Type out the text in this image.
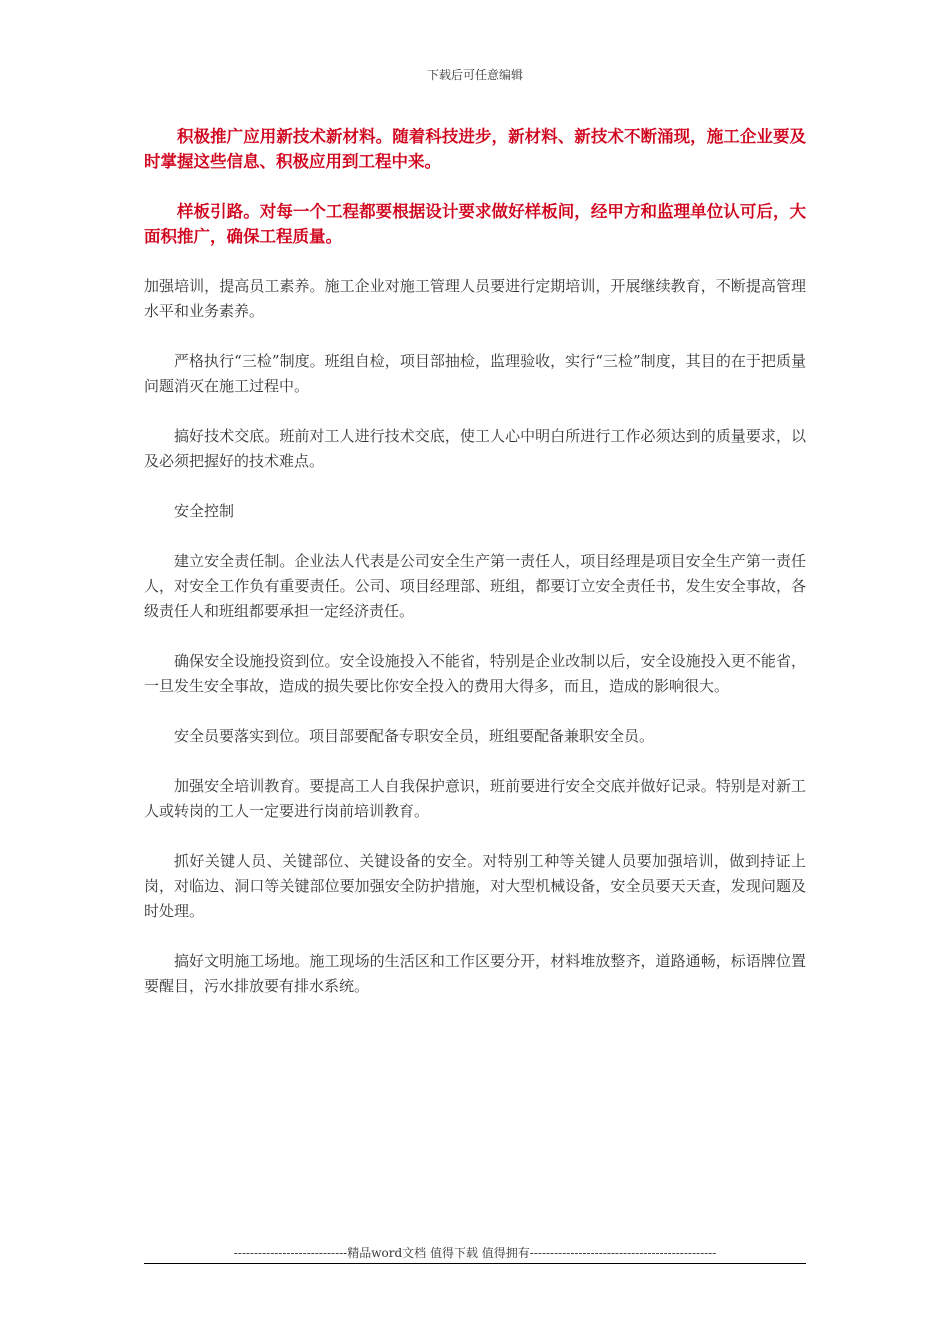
下载后可任意编辑

积极推广应用新技术新材料。随着科技进步，新材料、新技术不断涌现，施工企业要及时掌握这些信息、积极应用到工程中来。

样板引路。对每一个工程都要根据设计要求做好样板间，经甲方和监理单位认可后，大面积推广，确保工程质量。

加强培训，提高员工素养。施工企业对施工管理人员要进行定期培训，开展继续教育，不断提高管理水平和业务素养。

严格执行“三检”制度。班组自检，项目部抽检，监理验收，实行“三检”制度，其目的在于把质量问题消灭在施工过程中。

搞好技术交底。班前对工人进行技术交底，使工人心中明白所进行工作必须达到的质量要求，以及必须把握好的技术难点。

安全控制

建立安全责任制。企业法人代表是公司安全生产第一责任人，项目经理是项目安全生产第一责任人，对安全工作负有重要责任。公司、项目经理部、班组，都要订立安全责任书，发生安全事故，各级责任人和班组都要承担一定经济责任。

确保安全设施投资到位。安全设施投入不能省，特别是企业改制以后，安全设施投入更不能省，一旦发生安全事故，造成的损失要比你安全投入的费用大得多，而且，造成的影响很大。

安全员要落实到位。项目部要配备专职安全员，班组要配备兼职安全员。

加强安全培训教育。要提高工人自我保护意识，班前要进行安全交底并做好记录。特别是对新工人或转岗的工人一定要进行岗前培训教育。

抓好关键人员、关键部位、关键设备的安全。对特别工种等关键人员要加强培训，做到持证上岗，对临边、洞口等关键部位要加强安全防护措施，对大型机械设备，安全员要天天查，发现问题及时处理。

搞好文明施工场地。施工现场的生活区和工作区要分开，材料堆放整齐，道路通畅，标语牌位置要醒目，污水排放要有排水系统。

----------------------------精品word文档 值得下载 值得拥有----------------------------------------------
